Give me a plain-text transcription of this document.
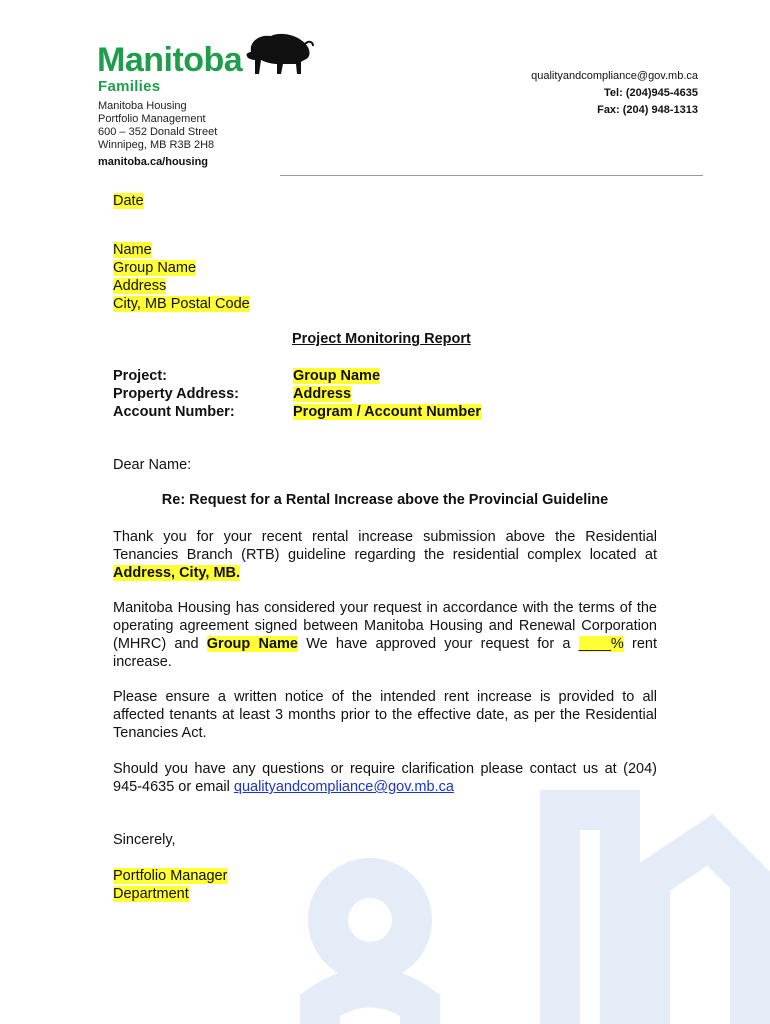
Manitoba
Families
Manitoba Housing
Portfolio Management
600 – 352 Donald Street
Winnipeg, MB R3B 2H8
manitoba.ca/housing
qualityandcompliance@gov.mb.ca
Tel: (204)945-4635
Fax: (204) 948-1313
Date
Name
Group Name
Address
City, MB Postal Code
Project Monitoring Report
Project:
Property Address:
Account Number:
Group Name
Address
Program / Account Number
Dear Name:
Re: Request for a Rental Increase above the Provincial Guideline
Thank you for your recent rental increase submission above the Residential Tenancies Branch (RTB) guideline regarding the residential complex located at Address, City, MB.
Manitoba Housing has considered your request in accordance with the terms of the operating agreement signed between Manitoba Housing and Renewal Corporation (MHRC) and Group Name We have approved your request for a ____% rent increase.
Please ensure a written notice of the intended rent increase is provided to all affected tenants at least 3 months prior to the effective date, as per the Residential Tenancies Act.
Should you have any questions or require clarification please contact us at (204) 945-4635 or email qualityandcompliance@gov.mb.ca
Sincerely,
Portfolio Manager
Department
